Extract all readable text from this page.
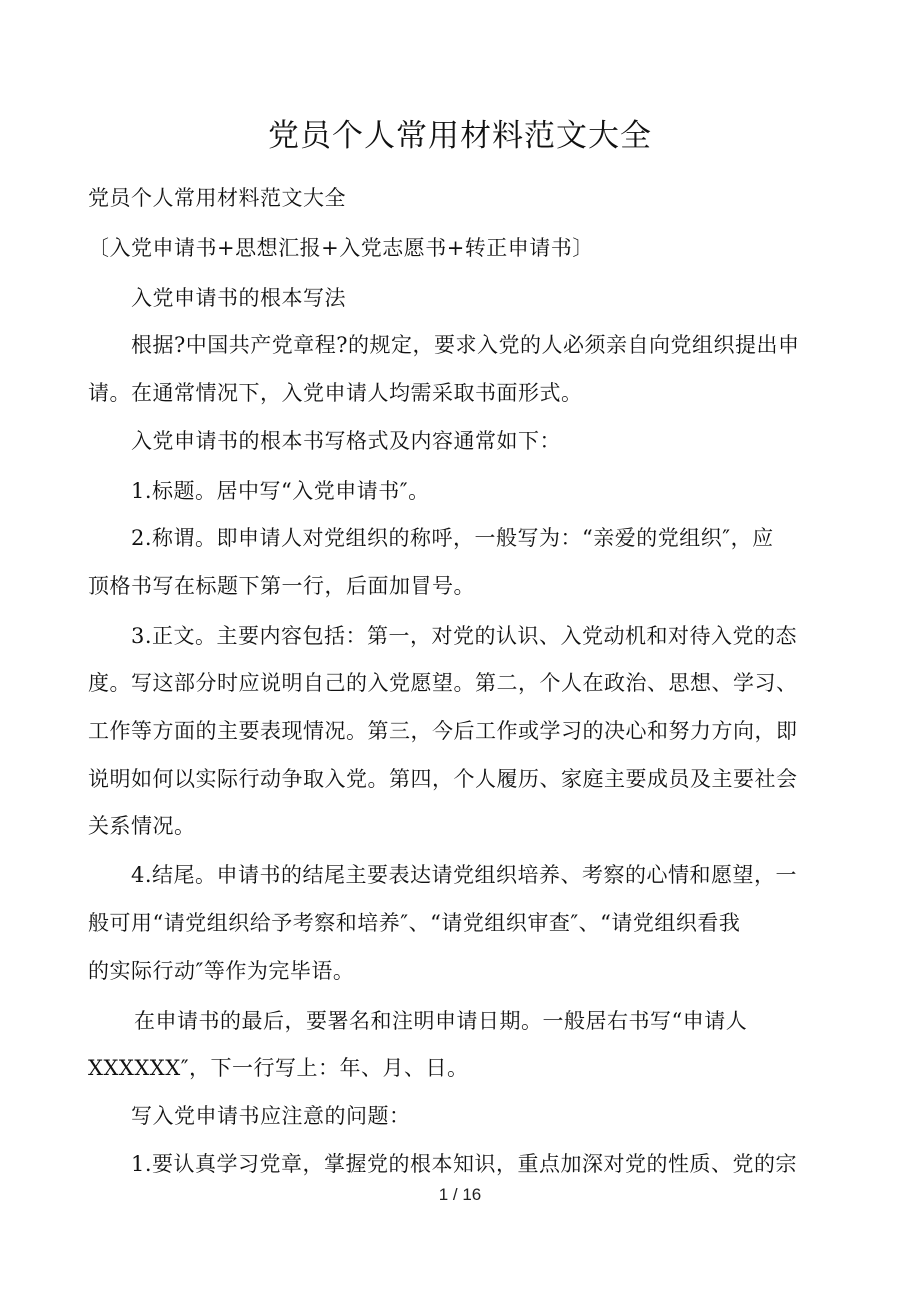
党员个人常用材料范文大全
党员个人常用材料范文大全
〔入党申请书+思想汇报+入党志愿书+转正申请书〕
入党申请书的根本写法
根据?中国共产党章程?的规定，要求入党的人必须亲自向党组织提出申
请。在通常情况下，入党申请人均需采取书面形式。
入党申请书的根本书写格式及内容通常如下：
1.标题。居中写“入党申请书″。
2.称谓。即申请人对党组织的称呼，一般写为：“亲爱的党组织″，应
顶格书写在标题下第一行，后面加冒号。
3.正文。主要内容包括：第一，对党的认识、入党动机和对待入党的态
度。写这部分时应说明自己的入党愿望。第二，个人在政治、思想、学习、
工作等方面的主要表现情况。第三，今后工作或学习的决心和努力方向，即
说明如何以实际行动争取入党。第四，个人履历、家庭主要成员及主要社会
关系情况。
4.结尾。申请书的结尾主要表达请党组织培养、考察的心情和愿望，一
般可用“请党组织给予考察和培养″、“请党组织审查″、“请党组织看我
的实际行动″等作为完毕语。
在申请书的最后，要署名和注明申请日期。一般居右书写“申请人
XXXXXX″，下一行写上：年、月、日。
写入党申请书应注意的问题：
1.要认真学习党章，掌握党的根本知识，重点加深对党的性质、党的宗
1 / 16
